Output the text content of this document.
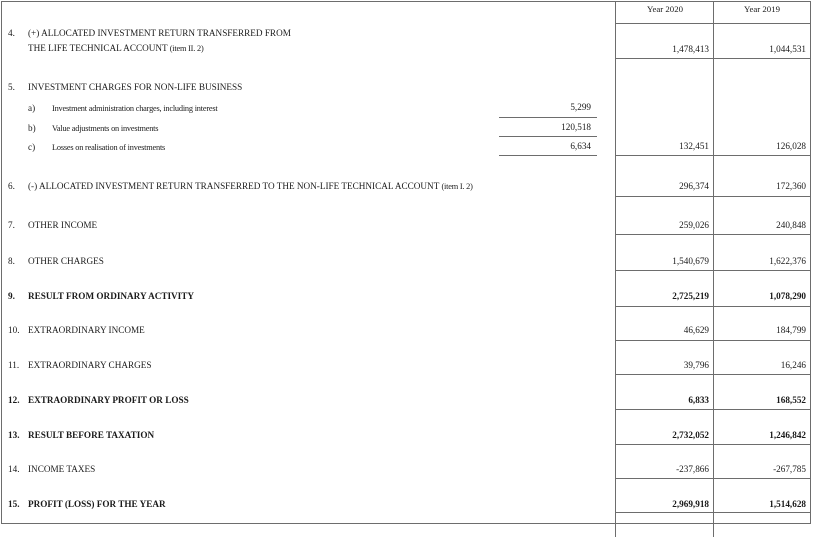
Year 2020	Year 2019
4. (+) ALLOCATED INVESTMENT RETURN TRANSFERRED FROM
THE LIFE TECHNICAL ACCOUNT (item II. 2)	1,478,413	1,044,531
5. INVESTMENT CHARGES FOR NON-LIFE BUSINESS
a) Investment administration charges, including interest	5,299
b) Value adjustments on investments	120,518
c) Losses on realisation of investments	6,634	132,451	126,028
6. (-) ALLOCATED INVESTMENT RETURN TRANSFERRED TO THE NON-LIFE TECHNICAL ACCOUNT (item I. 2)	296,374	172,360
7. OTHER INCOME	259,026	240,848
8. OTHER CHARGES	1,540,679	1,622,376
9. RESULT FROM ORDINARY ACTIVITY	2,725,219	1,078,290
10. EXTRAORDINARY INCOME	46,629	184,799
11. EXTRAORDINARY CHARGES	39,796	16,246
12. EXTRAORDINARY PROFIT OR LOSS	6,833	168,552
13. RESULT BEFORE TAXATION	2,732,052	1,246,842
14. INCOME TAXES	-237,866	-267,785
15. PROFIT (LOSS) FOR THE YEAR	2,969,918	1,514,628
